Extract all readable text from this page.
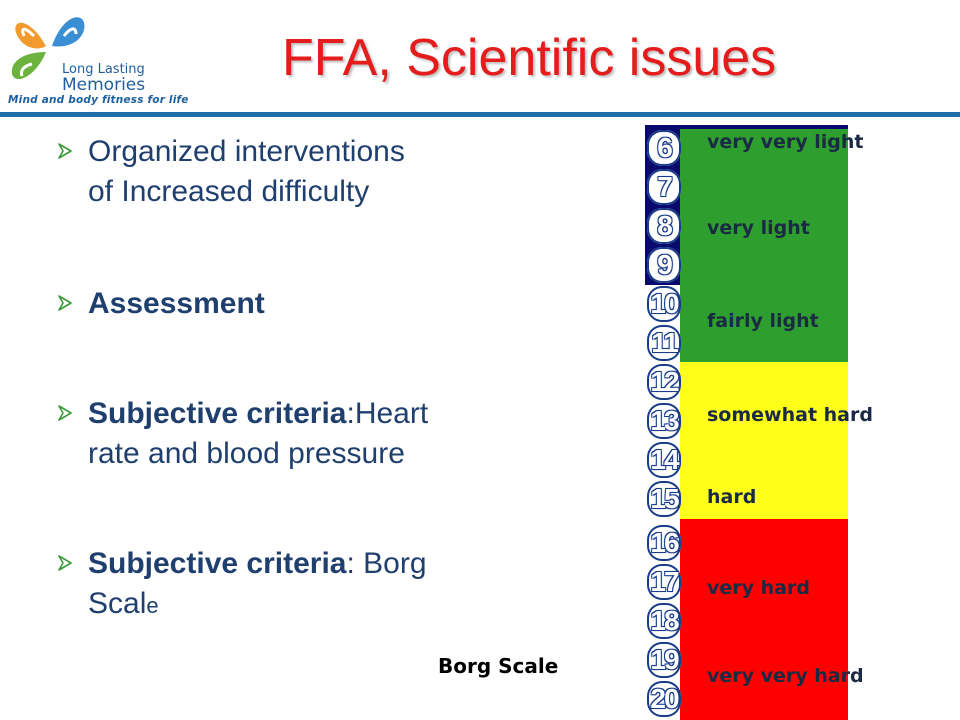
Long Lasting
Memories
Mind and body fitness for life
FFA, Scientific issues
Organized interventions
of Increased difficulty
Assessment
Subjective criteria:Heart
rate and blood pressure
Subjective criteria: Borg
Scale
Borg Scale
6
7
8
9
10
11
12
13
14
15
16
17
18
19
20
very very light
very light
fairly light
somewhat hard
hard
very hard
very very hard
